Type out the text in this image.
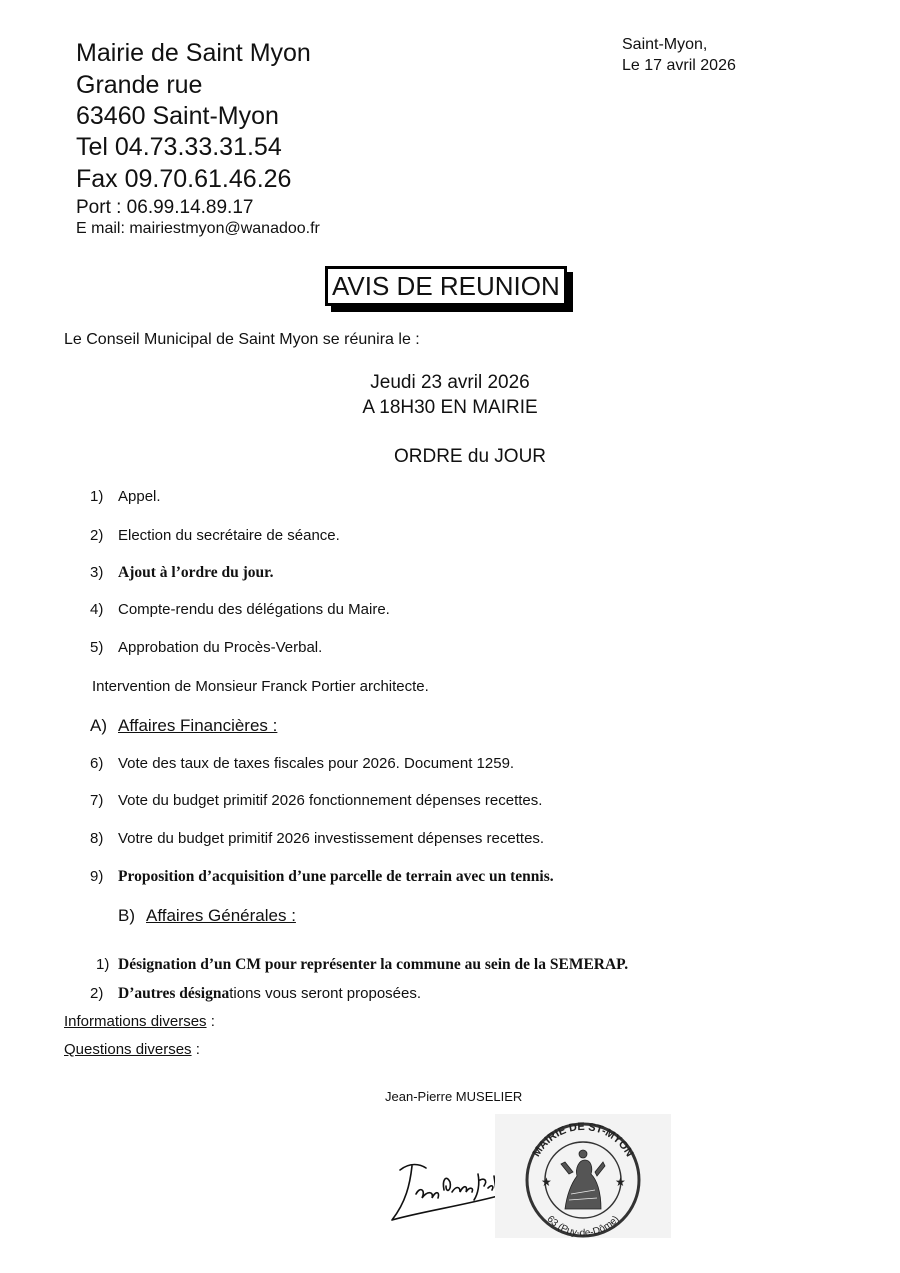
Mairie de Saint Myon
Grande rue
63460 Saint-Myon
Tel 04.73.33.31.54
Fax 09.70.61.46.26
Port : 06.99.14.89.17
E mail: mairiestmyon@wanadoo.fr
Saint-Myon,
Le 17 avril 2026
AVIS DE REUNION
Le Conseil Municipal de Saint Myon se réunira le :
Jeudi 23 avril 2026
A 18H30 EN MAIRIE
ORDRE du JOUR
1) Appel.
2) Election du secrétaire de séance.
3) Ajout à l’ordre du jour.
4) Compte-rendu des délégations du Maire.
5) Approbation du Procès-Verbal.
Intervention de Monsieur Franck Portier architecte.
A) Affaires Financières :
6) Vote des taux de taxes fiscales pour 2026. Document 1259.
7) Vote du budget primitif 2026 fonctionnement dépenses recettes.
8) Votre du budget primitif 2026 investissement dépenses recettes.
9) Proposition d’acquisition d’une parcelle de terrain avec un tennis.
B) Affaires Générales :
1) Désignation d’un CM pour représenter la commune au sein de la SEMERAP.
2) D’autres désignations vous seront proposées.
Informations diverses :
Questions diverses :
Jean-Pierre MUSELIER
MAIRIE DE ST-MYON
63 (Puy-de-Dôme)
★	★
